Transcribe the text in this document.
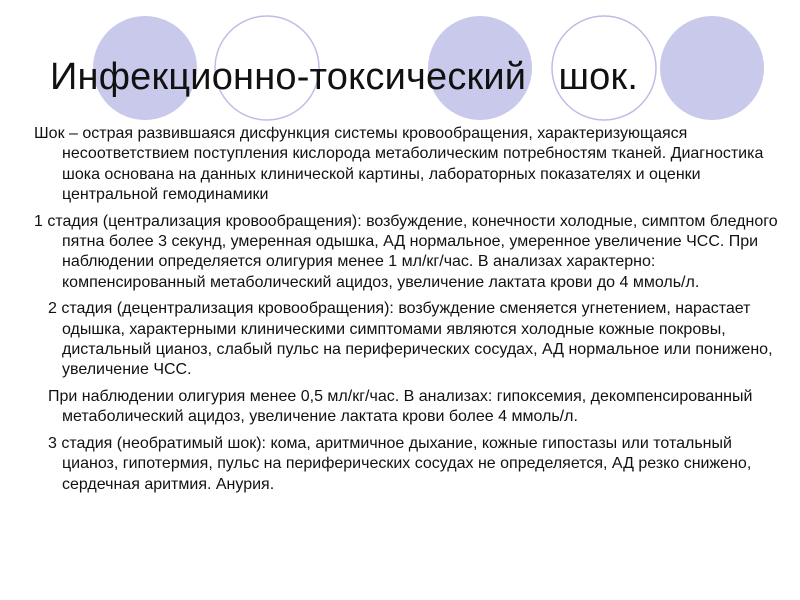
Инфекционно-токсический   шок.

Шок – острая развившаяся дисфункция системы кровообращения, характеризующаяся несоответствием поступления кислорода метаболическим потребностям тканей. Диагностика шока основана на данных клинической картины, лабораторных показателях и оценки центральной гемодинамики

1 стадия (централизация кровообращения): возбуждение, конечности холодные, симптом бледного пятна более 3 секунд, умеренная одышка, АД нормальное, умеренное увеличение ЧСС. При наблюдении определяется олигурия менее 1 мл/кг/час. В анализах характерно: компенсированный метаболический ацидоз, увеличение лактата крови до 4 ммоль/л.

2 стадия (децентрализация кровообращения): возбуждение сменяется угнетением, нарастает одышка, характерными клиническими симптомами являются холодные кожные покровы, дистальный цианоз, слабый пульс на периферических сосудах, АД нормальное или понижено, увеличение ЧСС.

При наблюдении олигурия менее 0,5 мл/кг/час. В анализах: гипоксемия, декомпенсированный метаболический ацидоз, увеличение лактата крови более 4 ммоль/л.

3 стадия (необратимый шок): кома, аритмичное дыхание, кожные гипостазы или тотальный цианоз, гипотермия, пульс на периферических сосудах не определяется, АД резко снижено, сердечная аритмия. Анурия.
